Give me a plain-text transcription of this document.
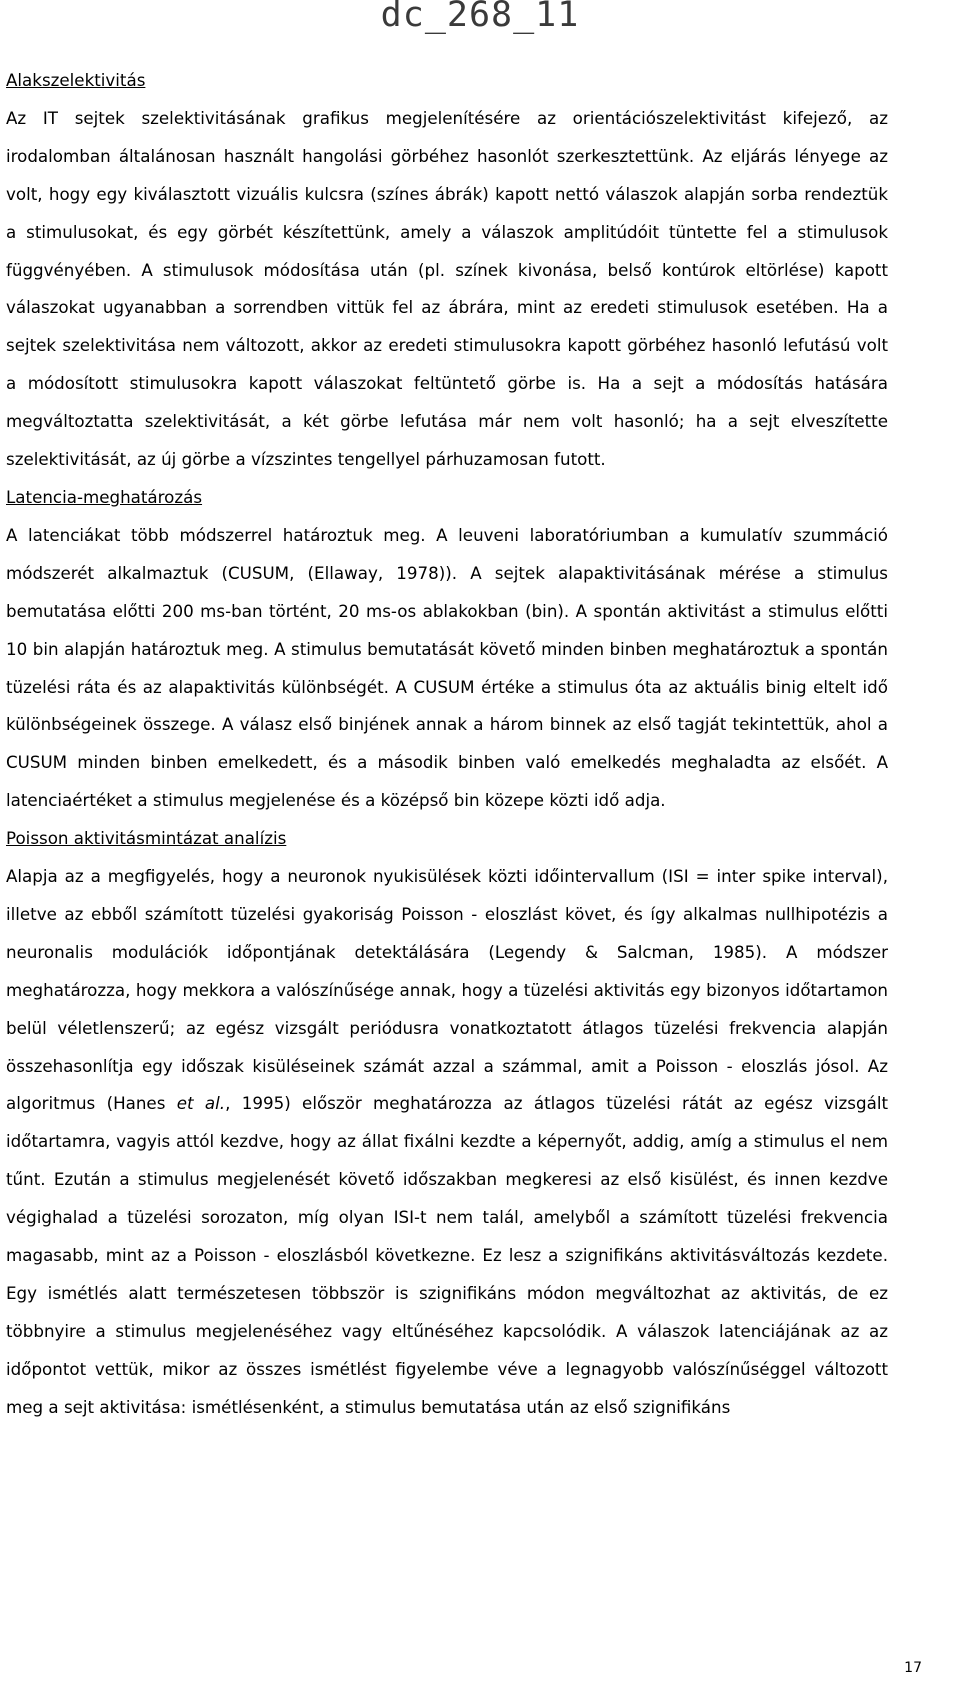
dc_268_11
Alakszelektivitás

Az IT sejtek szelektivitásának grafikus megjelenítésére az orientációszelektivitást kifejező, az irodalomban általánosan használt hangolási görbéhez hasonlót szerkesztettünk. Az eljárás lényege az volt, hogy egy kiválasztott vizuális kulcsra (színes ábrák) kapott nettó válaszok alapján sorba rendeztük a stimulusokat, és egy görbét készítettünk, amely a válaszok amplitúdóit tüntette fel a stimulusok függvényében. A stimulusok módosítása után (pl. színek kivonása, belső kontúrok eltörlése) kapott válaszokat ugyanabban a sorrendben vittük fel az ábrára, mint az eredeti stimulusok esetében. Ha a sejtek szelektivitása nem változott, akkor az eredeti stimulusokra kapott görbéhez hasonló lefutású volt a módosított stimulusokra kapott válaszokat feltüntető görbe is. Ha a sejt a módosítás hatására megváltoztatta szelektivitását, a két görbe lefutása már nem volt hasonló; ha a sejt elveszítette szelektivitását, az új görbe a vízszintes tengellyel párhuzamosan futott.

Latencia-meghatározás

A latenciákat több módszerrel határoztuk meg. A leuveni laboratóriumban a kumulatív szummáció módszerét alkalmaztuk (CUSUM, (Ellaway, 1978)). A sejtek alapaktivitásának mérése a stimulus bemutatása előtti 200 ms-ban történt, 20 ms-os ablakokban (bin). A spontán aktivitást a stimulus előtti 10 bin alapján határoztuk meg. A stimulus bemutatását követő minden binben meghatároztuk a spontán tüzelési ráta és az alapaktivitás különbségét. A CUSUM értéke a stimulus óta az aktuális binig eltelt idő különbségeinek összege. A válasz első binjének annak a három binnek az első tagját tekintettük, ahol a CUSUM minden binben emelkedett, és a második binben való emelkedés meghaladta az elsőét. A latenciaértéket a stimulus megjelenése és a középső bin közepe közti idő adja.

Poisson aktivitásmintázat analízis

Alapja az a megfigyelés, hogy a neuronok nyukisülések közti időintervallum (ISI = inter spike interval), illetve az ebből számított tüzelési gyakoriság Poisson - eloszlást követ, és így alkalmas nullhipotézis a neuronalis modulációk időpontjának detektálására (Legendy & Salcman, 1985). A módszer meghatározza, hogy mekkora a valószínűsége annak, hogy a tüzelési aktivitás egy bizonyos időtartamon belül véletlenszerű; az egész vizsgált periódusra vonatkoztatott átlagos tüzelési frekvencia alapján összehasonlítja egy időszak kisüléseinek számát azzal a számmal, amit a Poisson - eloszlás jósol. Az algoritmus (Hanes et al., 1995) először meghatározza az átlagos tüzelési rátát az egész vizsgált időtartamra, vagyis attól kezdve, hogy az állat fixálni kezdte a képernyőt, addig, amíg a stimulus el nem tűnt. Ezután a stimulus megjelenését követő időszakban megkeresi az első kisülést, és innen kezdve végighalad a tüzelési sorozaton, míg olyan ISI-t nem talál, amelyből a számított tüzelési frekvencia magasabb, mint az a Poisson - eloszlásból következne. Ez lesz a szignifikáns aktivitásváltozás kezdete. Egy ismétlés alatt természetesen többször is szignifikáns módon megváltozhat az aktivitás, de ez többnyire a stimulus megjelenéséhez vagy eltűnéséhez kapcsolódik. A válaszok latenciájának az az időpontot vettük, mikor az összes ismétlést figyelembe véve a legnagyobb valószínűséggel változott meg a sejt aktivitása: ismétlésenként, a stimulus bemutatása után az első szignifikáns

17
